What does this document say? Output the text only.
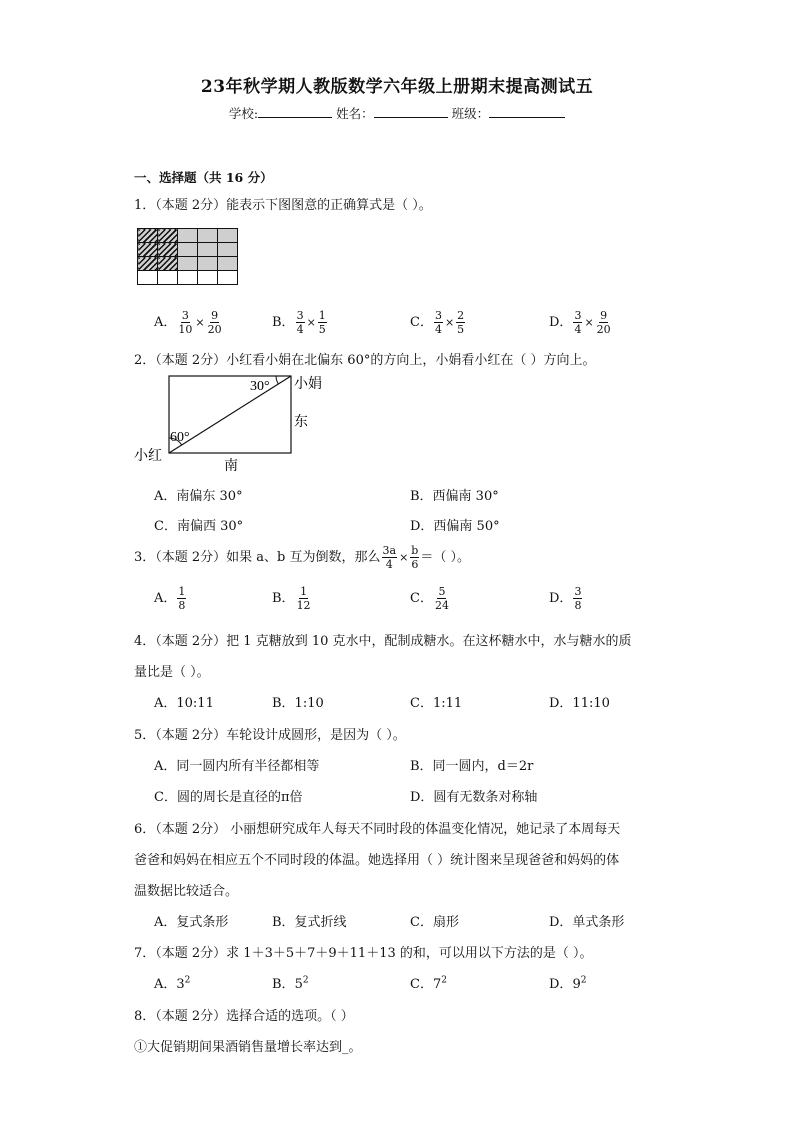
23年秋学期人教版数学六年级上册期末提高测试五
学校:	姓名：	班级：
一、选择题（共 16 分）
1．（本题 2分）能表示下图图意的正确算式是（ ）。

A． $\frac{3}{10} \times \frac{9}{20}$	B． $\frac{3}{4} \times \frac{1}{5}$	C． $\frac{3}{4} \times \frac{2}{5}$	D． $\frac{3}{4} \times \frac{9}{20}$
2．（本题 2分）小红看小娟在北偏东 60°的方向上，小娟看小红在（ ）方向上。
30°
60°
小娟
东
小红
南
A．南偏东 30°	B．西偏南 30°
C．南偏西 30°	D．西偏南 50°
3．（本题 2分）如果 a、b 互为倒数，那么 $\frac{3a}{4} \times \frac{b}{6}$ ＝（ ）。
A． $\frac{1}{8}$	B． $\frac{1}{12}$	C． $\frac{5}{24}$	D． $\frac{3}{8}$
4．（本题 2分）把 1 克糖放到 10 克水中，配制成糖水。在这杯糖水中，水与糖水的质
量比是（ ）。
A．10:11	B．1:10	C．1:11	D．11:10
5．（本题 2分）车轮设计成圆形，是因为（ ）。
A．同一圆内所有半径都相等	B．同一圆内，d＝2r
C．圆的周长是直径的π倍	D．圆有无数条对称轴
6．（本题 2分） 小丽想研究成年人每天不同时段的体温变化情况，她记录了本周每天
爸爸和妈妈在相应五个不同时段的体温。她选择用（ ）统计图来呈现爸爸和妈妈的体
温数据比较适合。
A．复式条形	B．复式折线	C．扇形	D．单式条形
7．（本题 2分）求 1＋3＋5＋7＋9＋11＋13 的和，可以用以下方法的是（ ）。
A．$3^2$	B．$5^2$	C．$7^2$	D．$9^2$
8．（本题 2分）选择合适的选项。（ ）
①大促销期间果酒销售量增长率达到_。
